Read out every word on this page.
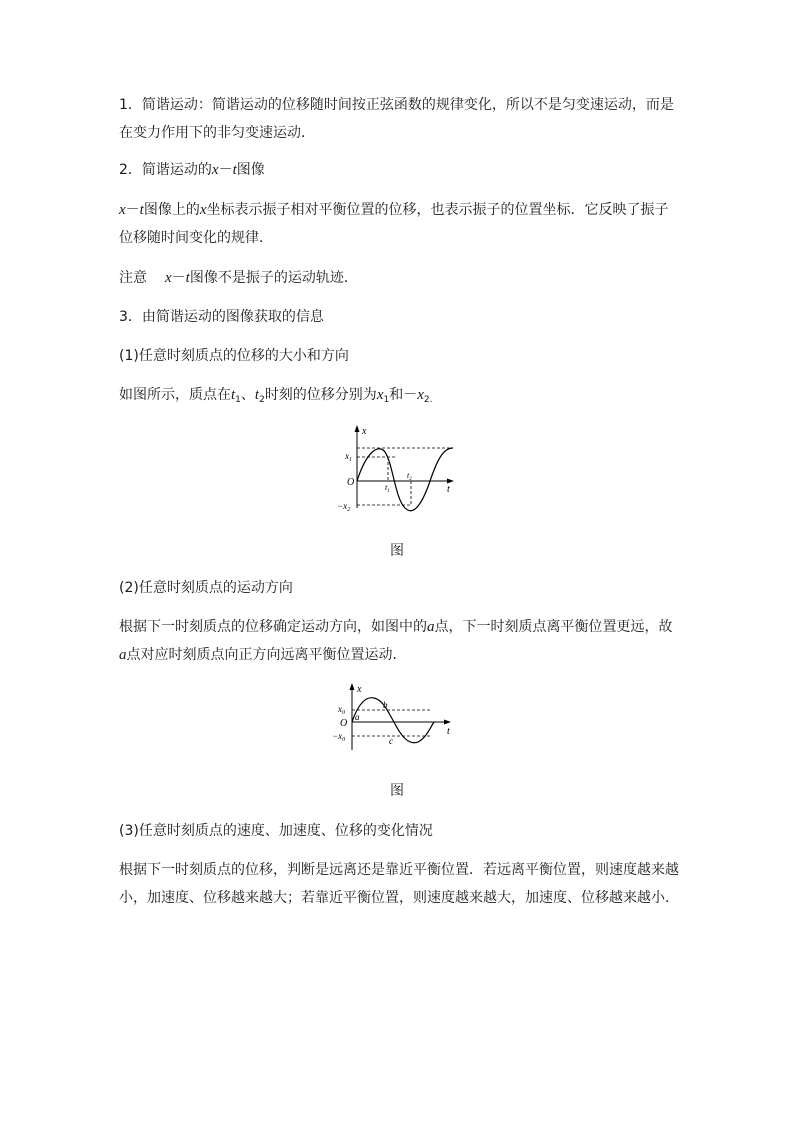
1．简谐运动：简谐运动的位移随时间按正弦函数的规律变化，所以不是匀变速运动，而是在变力作用下的非匀变速运动．

2．简谐运动的x－t图像

x－t图像上的x坐标表示振子相对平衡位置的位移，也表示振子的位置坐标．它反映了振子位移随时间变化的规律．

注意 x－t图像不是振子的运动轨迹．

3．由简谐运动的图像获取的信息

(1)任意时刻质点的位移的大小和方向

如图所示，质点在$t_1$、$t_2$时刻的位移分别为$x_1$和$-x_{2.}$

x
t
O
$x_1$
$-x_2$
$t_1$
$t_2$
图

(2)任意时刻质点的运动方向

根据下一时刻质点的位移确定运动方向，如图中的a点，下一时刻质点离平衡位置更远，故a点对应时刻质点向正方向远离平衡位置运动．

x
t
O
$x_0$
$-x_0$
a
b
c
图

(3)任意时刻质点的速度、加速度、位移的变化情况

根据下一时刻质点的位移，判断是远离还是靠近平衡位置．若远离平衡位置，则速度越来越小，加速度、位移越来越大；若靠近平衡位置，则速度越来越大，加速度、位移越来越小．
